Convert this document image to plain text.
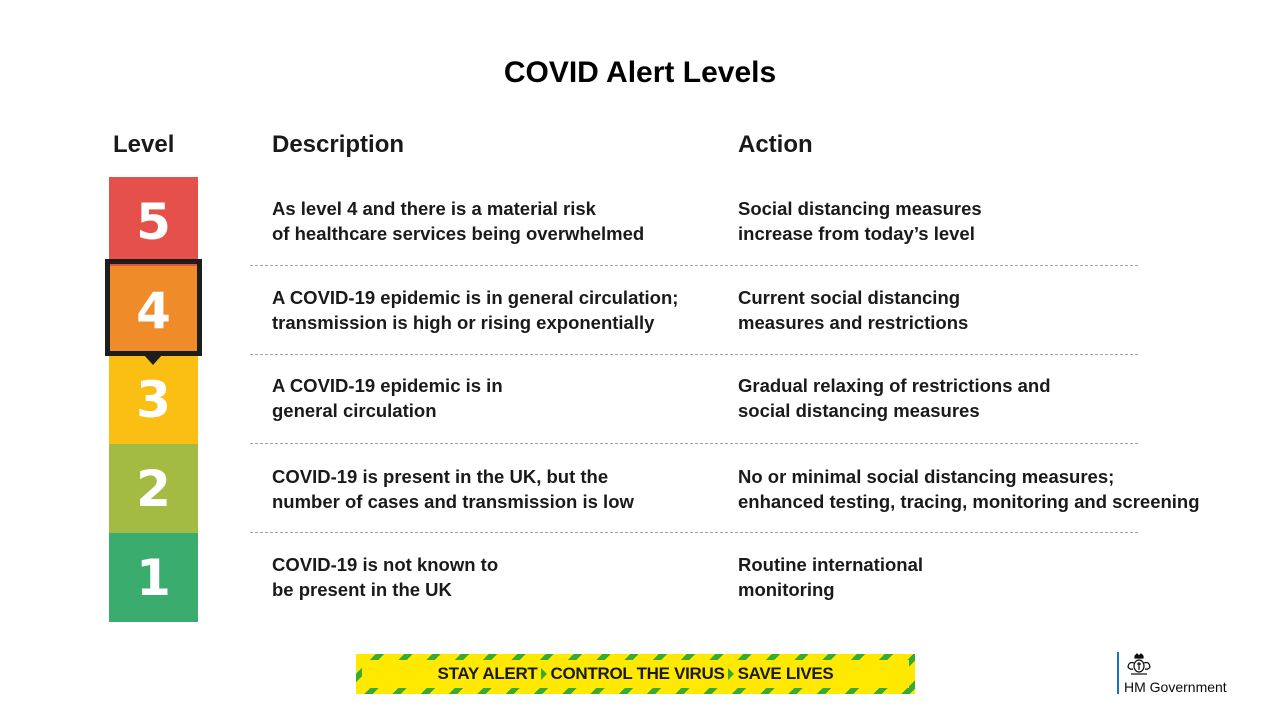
COVID Alert Levels
Level	Description	Action
5
4
3
2
1
As level 4 and there is a material risk
of healthcare services being overwhelmed
Social distancing measures
increase from today’s level
A COVID-19 epidemic is in general circulation;
transmission is high or rising exponentially
Current social distancing
measures and restrictions
A COVID-19 epidemic is in
general circulation
Gradual relaxing of restrictions and
social distancing measures
COVID-19 is present in the UK, but the
number of cases and transmission is low
No or minimal social distancing measures;
enhanced testing, tracing, monitoring and screening
COVID-19 is not known to
be present in the UK
Routine international
monitoring
STAY ALERT CONTROL THE VIRUS SAVE LIVES
HM Government
